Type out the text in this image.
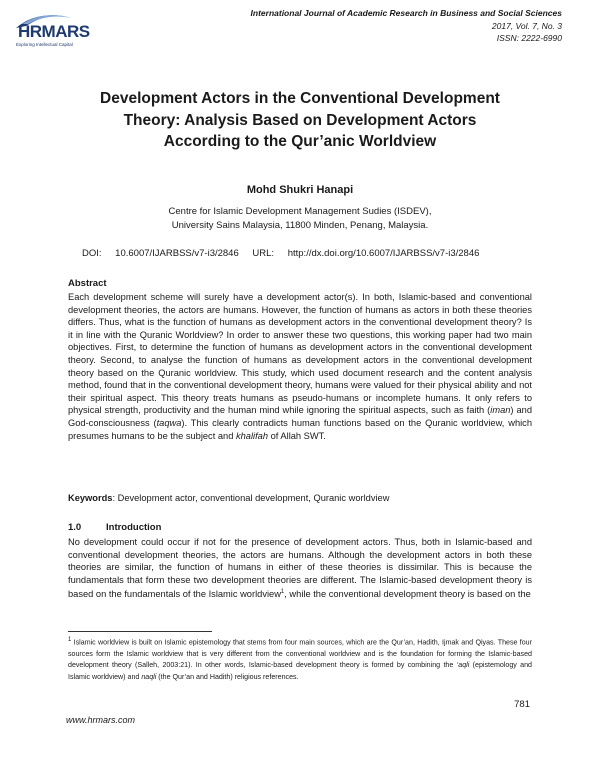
HRMARS
Exploring Intellectual Capital
International Journal of Academic Research in Business and Social Sciences
2017, Vol. 7, No. 3
ISSN: 2222-6990
Development Actors in the Conventional Development
Theory: Analysis Based on Development Actors
According to the Qur’anic Worldview
Mohd Shukri Hanapi
Centre for Islamic Development Management Sudies (ISDEV),
University Sains Malaysia, 11800 Minden, Penang, Malaysia.
DOI: 10.6007/IJARBSS/v7-i3/2846 URL: http://dx.doi.org/10.6007/IJARBSS/v7-i3/2846
Abstract
Each development scheme will surely have a development actor(s). In both, Islamic-based and conventional development theories, the actors are humans. However, the function of humans as actors in both these theories differs. Thus, what is the function of humans as development actors in the conventional development theory? Is it in line with the Quranic Worldview? In order to answer these two questions, this working paper had two main objectives. First, to determine the function of humans as development actors in the conventional development theory. Second, to analyse the function of humans as development actors in the conventional development theory based on the Quranic worldview. This study, which used document research and the content analysis method, found that in the conventional development theory, humans were valued for their physical ability and not their spiritual aspect. This theory treats humans as pseudo-humans or incomplete humans. It only refers to physical strength, productivity and the human mind while ignoring the spiritual aspects, such as faith (iman) and God-consciousness (taqwa). This clearly contradicts human functions based on the Quranic worldview, which presumes humans to be the subject and khalifah of Allah SWT.
Keywords: Development actor, conventional development, Quranic worldview
1.0	Introduction
No development could occur if not for the presence of development actors. Thus, both in Islamic-based and conventional development theories, the actors are humans. Although the development actors in both these theories are similar, the function of humans in either of these theories is dissimilar. This is because the fundamentals that form these two development theories are different. The Islamic-based development theory is based on the fundamentals of the Islamic worldview$^1$, while the conventional development theory is based on the
$^1$ Islamic worldview is built on Islamic epistemology that stems from four main sources, which are the Qur’an, Hadith, Ijmak and Qiyas. These four sources form the Islamic worldview that is very different from the conventional worldview and is the foundation for forming the Islamic-based development theory (Salleh, 2003:21). In other words, Islamic-based development theory is formed by combining the ‘aqli (epistemology and Islamic worldview) and naqli (the Qur’an and Hadith) religious references.
781
www.hrmars.com
